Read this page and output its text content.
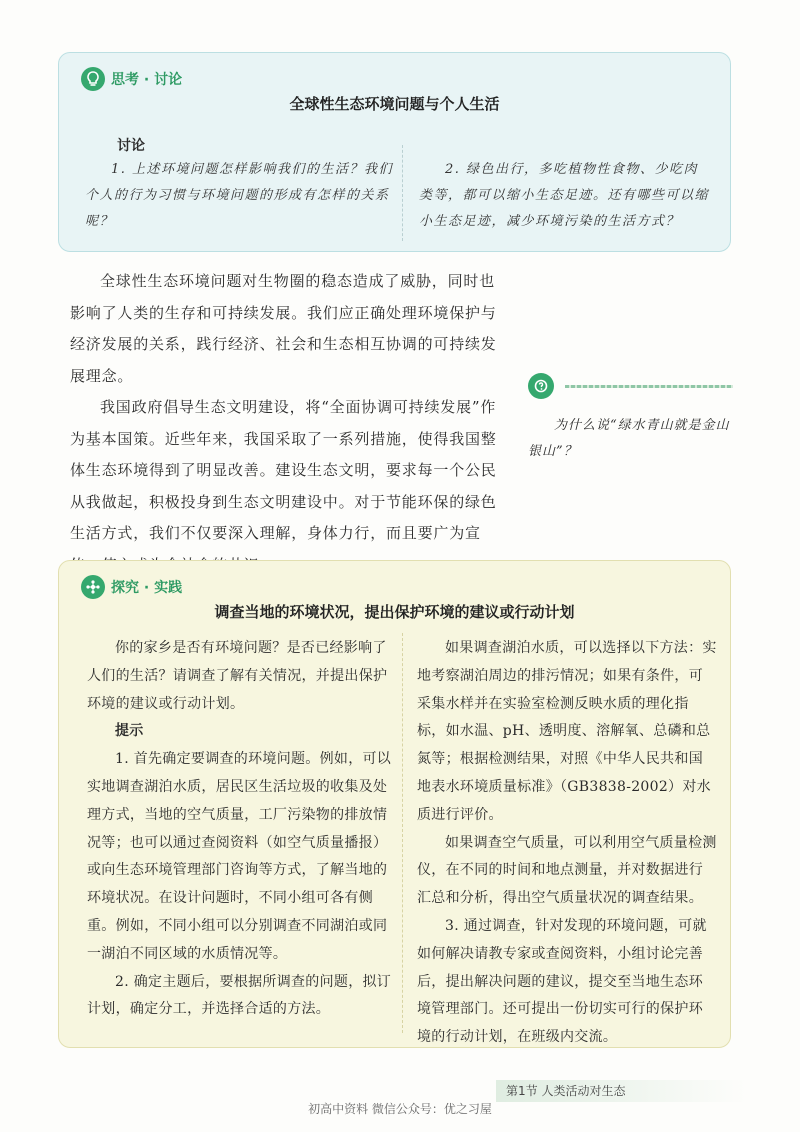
思考 · 讨论
全球性生态环境问题与个人生活
讨论
1. 上述环境问题怎样影响我们的生活？我们个人的行为习惯与环境问题的形成有怎样的关系呢？
2. 绿色出行，多吃植物性食物、少吃肉类等，都可以缩小生态足迹。还有哪些可以缩小生态足迹，减少环境污染的生活方式？

全球性生态环境问题对生物圈的稳态造成了威胁，同时也影响了人类的生存和可持续发展。我们应正确处理环境保护与经济发展的关系，践行经济、社会和生态相互协调的可持续发展理念。

我国政府倡导生态文明建设，将“全面协调可持续发展”作为基本国策。近些年来，我国采取了一系列措施，使得我国整体生态环境得到了明显改善。建设生态文明，要求每一个公民从我做起，积极投身到生态文明建设中。对于节能环保的绿色生活方式，我们不仅要深入理解，身体力行，而且要广为宣

为什么说“绿水青山就是金山银山”？
探究 · 实践
调查当地的环境状况，提出保护环境的建议或行动计划

你的家乡是否有环境问题？是否已经影响了人们的生活？请调查了解有关情况，并提出保护环境的建议或行动计划。

提示

1. 首先确定要调查的环境问题。例如，可以实地调查湖泊水质，居民区生活垃圾的收集及处理方式，当地的空气质量，工厂污染物的排放情况等；也可以通过查阅资料（如空气质量播报）或向生态环境管理部门咨询等方式，了解当地的环境状况。在设计问题时，不同小组可各有侧重。例如，不同小组可以分别调查不同湖泊或同一湖泊不同区域的水质情况等。

2. 确定主题后，要根据所调查的问题，拟订计划，确定分工，并选择合适的方法。

如果调查湖泊水质，可以选择以下方法：实地考察湖泊周边的排污情况；如果有条件，可采集水样并在实验室检测反映水质的理化指标，如水温、pH、透明度、溶解氧、总磷和总氮等；根据检测结果，对照《中华人民共和国地表水环境质量标准》（GB3838-2002）对水质进行评价。

如果调查空气质量，可以利用空气质量检测仪，在不同的时间和地点测量，并对数据进行汇总和分析，得出空气质量状况的调查结果。

3. 通过调查，针对发现的环境问题，可就如何解决请教专家或查阅资料，小组讨论完善后，提出解决问题的建议，提交至当地生态环境管理部门。还可提出一份切实可行的保护环境的行动计划，在班级内交流。

第1节 人类活动对生态
初高中资料 微信公众号：优之习屋
